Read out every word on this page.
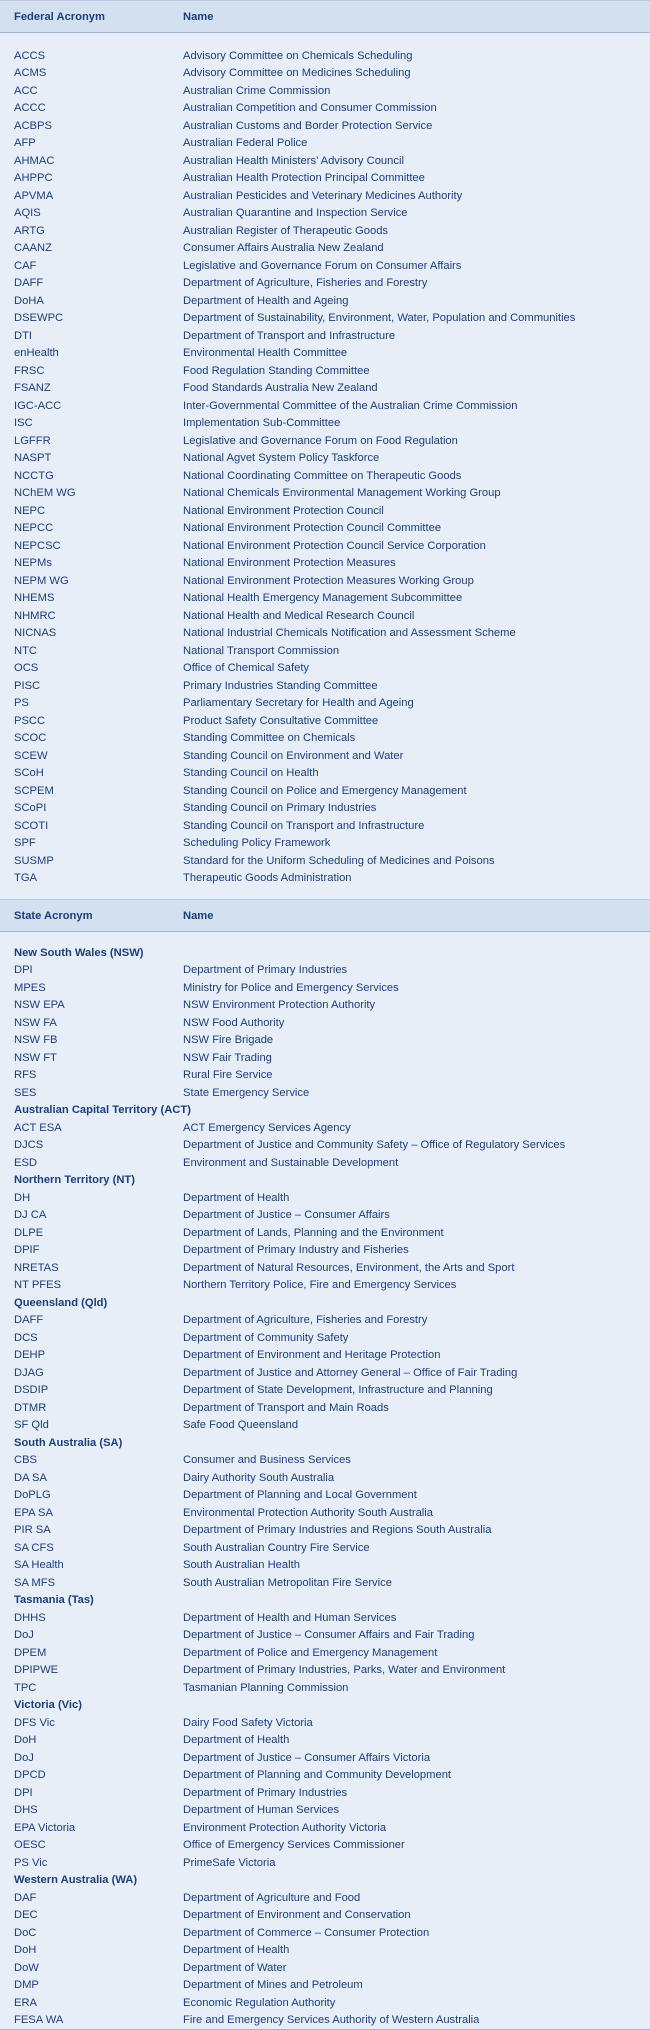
Federal Acronym	Name

ACCS	Advisory Committee on Chemicals Scheduling
ACMS	Advisory Committee on Medicines Scheduling
ACC	Australian Crime Commission
ACCC	Australian Competition and Consumer Commission
ACBPS	Australian Customs and Border Protection Service
AFP	Australian Federal Police
AHMAC	Australian Health Ministers’ Advisory Council
AHPPC	Australian Health Protection Principal Committee
APVMA	Australian Pesticides and Veterinary Medicines Authority
AQIS	Australian Quarantine and Inspection Service
ARTG	Australian Register of Therapeutic Goods
CAANZ	Consumer Affairs Australia New Zealand
CAF	Legislative and Governance Forum on Consumer Affairs
DAFF	Department of Agriculture, Fisheries and Forestry
DoHA	Department of Health and Ageing
DSEWPC	Department of Sustainability, Environment, Water, Population and Communities
DTI	Department of Transport and Infrastructure
enHealth	Environmental Health Committee
FRSC	Food Regulation Standing Committee
FSANZ	Food Standards Australia New Zealand
IGC-ACC	Inter-Governmental Committee of the Australian Crime Commission
ISC	Implementation Sub-Committee
LGFFR	Legislative and Governance Forum on Food Regulation
NASPT	National Agvet System Policy Taskforce
NCCTG	National Coordinating Committee on Therapeutic Goods
NChEM WG	National Chemicals Environmental Management Working Group
NEPC	National Environment Protection Council
NEPCC	National Environment Protection Council Committee
NEPCSC	National Environment Protection Council Service Corporation
NEPMs	National Environment Protection Measures
NEPM WG	National Environment Protection Measures Working Group
NHEMS	National Health Emergency Management Subcommittee
NHMRC	National Health and Medical Research Council
NICNAS	National Industrial Chemicals Notification and Assessment Scheme
NTC	National Transport Commission
OCS	Office of Chemical Safety
PISC	Primary Industries Standing Committee
PS	Parliamentary Secretary for Health and Ageing
PSCC	Product Safety Consultative Committee
SCOC	Standing Committee on Chemicals
SCEW	Standing Council on Environment and Water
SCoH	Standing Council on Health
SCPEM	Standing Council on Police and Emergency Management
SCoPI	Standing Council on Primary Industries
SCOTI	Standing Council on Transport and Infrastructure
SPF	Scheduling Policy Framework
SUSMP	Standard for the Uniform Scheduling of Medicines and Poisons
TGA	Therapeutic Goods Administration

State Acronym	Name

New South Wales (NSW)	
DPI	Department of Primary Industries
MPES	Ministry for Police and Emergency Services
NSW EPA	NSW Environment Protection Authority
NSW FA	NSW Food Authority
NSW FB	NSW Fire Brigade
NSW FT	NSW Fair Trading
RFS	Rural Fire Service
SES	State Emergency Service
Australian Capital Territory (ACT)	
ACT ESA	ACT Emergency Services Agency
DJCS	Department of Justice and Community Safety – Office of Regulatory Services
ESD	Environment and Sustainable Development
Northern Territory (NT)	
DH	Department of Health
DJ CA	Department of Justice – Consumer Affairs
DLPE	Department of Lands, Planning and the Environment
DPIF	Department of Primary Industry and Fisheries
NRETAS	Department of Natural Resources, Environment, the Arts and Sport
NT PFES	Northern Territory Police, Fire and Emergency Services
Queensland (Qld)	
DAFF	Department of Agriculture, Fisheries and Forestry
DCS	Department of Community Safety
DEHP	Department of Environment and Heritage Protection
DJAG	Department of Justice and Attorney General – Office of Fair Trading
DSDIP	Department of State Development, Infrastructure and Planning
DTMR	Department of Transport and Main Roads
SF Qld	Safe Food Queensland
South Australia (SA)	
CBS	Consumer and Business Services
DA SA	Dairy Authority South Australia
DoPLG	Department of Planning and Local Government
EPA SA	Environmental Protection Authority South Australia
PIR SA	Department of Primary Industries and Regions South Australia
SA CFS	South Australian Country Fire Service
SA Health	South Australian Health
SA MFS	South Australian Metropolitan Fire Service
Tasmania (Tas)	
DHHS	Department of Health and Human Services
DoJ	Department of Justice – Consumer Affairs and Fair Trading
DPEM	Department of Police and Emergency Management
DPIPWE	Department of Primary Industries, Parks, Water and Environment
TPC	Tasmanian Planning Commission
Victoria (Vic)	
DFS Vic	Dairy Food Safety Victoria
DoH	Department of Health
DoJ	Department of Justice – Consumer Affairs Victoria
DPCD	Department of Planning and Community Development
DPI	Department of Primary Industries
DHS	Department of Human Services
EPA Victoria	Environment Protection Authority Victoria
OESC	Office of Emergency Services Commissioner
PS Vic	PrimeSafe Victoria
Western Australia (WA)	
DAF	Department of Agriculture and Food
DEC	Department of Environment and Conservation
DoC	Department of Commerce – Consumer Protection
DoH	Department of Health
DoW	Department of Water
DMP	Department of Mines and Petroleum
ERA	Economic Regulation Authority
FESA WA	Fire and Emergency Services Authority of Western Australia
